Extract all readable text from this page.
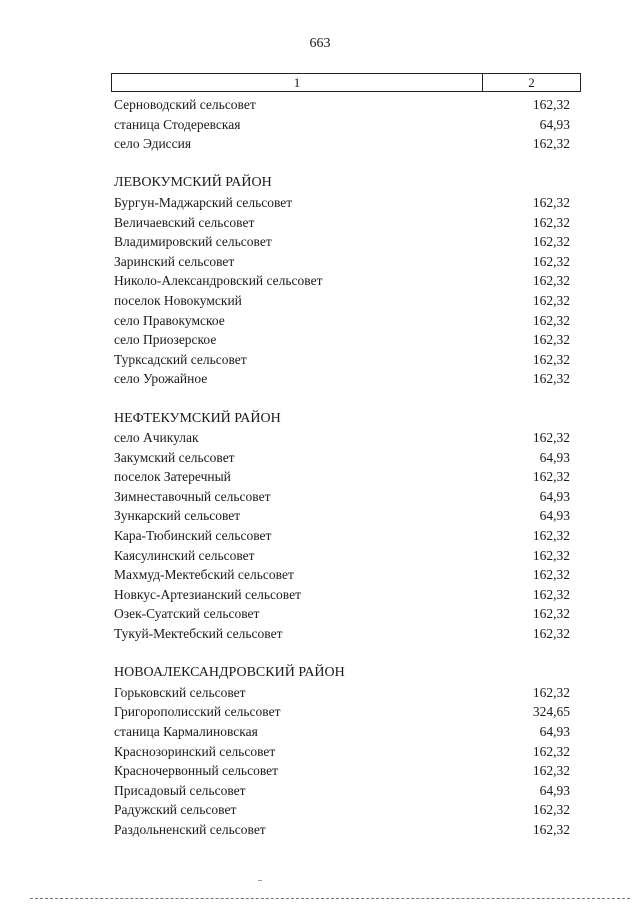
663
1	2
Серноводский сельсовет	162,32
станица Стодеревская	64,93
село Эдиссия	162,32
ЛЕВОКУМСКИЙ РАЙОН
Бургун-Маджарский сельсовет	162,32
Величаевский сельсовет	162,32
Владимировский сельсовет	162,32
Заринский сельсовет	162,32
Николо-Александровский сельсовет	162,32
поселок Новокумский	162,32
село Правокумское	162,32
село Приозерское	162,32
Турксадский сельсовет	162,32
село Урожайное	162,32
НЕФТЕКУМСКИЙ РАЙОН
село Ачикулак	162,32
Закумский сельсовет	64,93
поселок Затеречный	162,32
Зимнеставочный сельсовет	64,93
Зункарский сельсовет	64,93
Кара-Тюбинский сельсовет	162,32
Каясулинский сельсовет	162,32
Махмуд-Мектебский сельсовет	162,32
Новкус-Артезианский сельсовет	162,32
Озек-Суатский сельсовет	162,32
Тукуй-Мектебский сельсовет	162,32
НОВОАЛЕКСАНДРОВСКИЙ РАЙОН
Горьковский сельсовет	162,32
Григорополисский сельсовет	324,65
станица Кармалиновская	64,93
Краснозоринский сельсовет	162,32
Красночервонный сельсовет	162,32
Присадовый сельсовет	64,93
Радужский сельсовет	162,32
Раздольненский сельсовет	162,32
